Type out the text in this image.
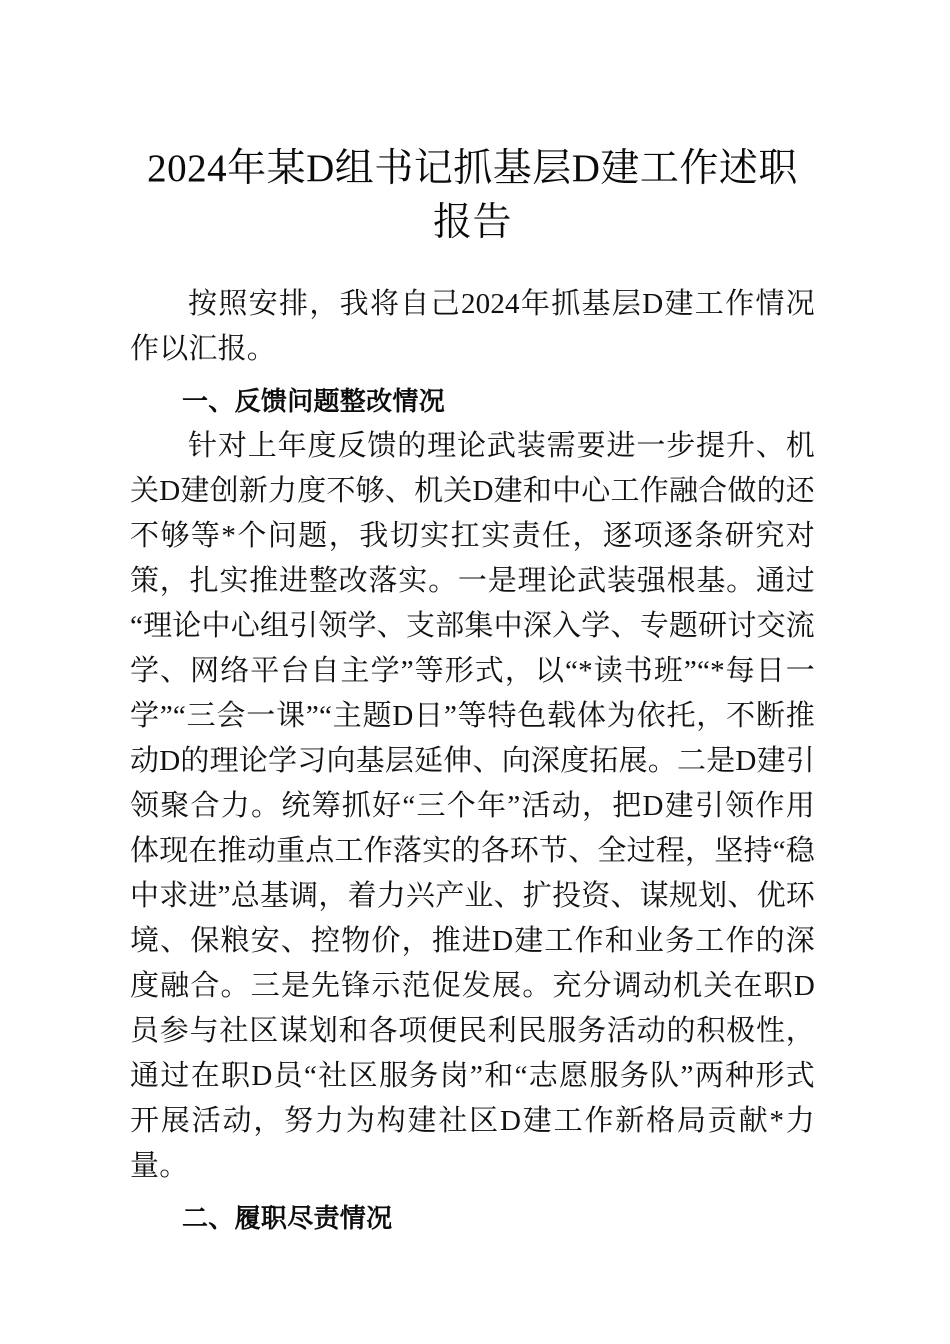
2024年某D组书记抓基层D建工作述职报告

按照安排，我将自己2024年抓基层D建工作情况作以汇报。

一、反馈问题整改情况

针对上年度反馈的理论武装需要进一步提升、机关D建创新力度不够、机关D建和中心工作融合做的还不够等*个问题，我切实扛实责任，逐项逐条研究对策，扎实推进整改落实。一是理论武装强根基。通过“理论中心组引领学、支部集中深入学、专题研讨交流学、网络平台自主学”等形式，以“*读书班”“*每日一学”“三会一课”“主题D日”等特色载体为依托，不断推动D的理论学习向基层延伸、向深度拓展。二是D建引领聚合力。统筹抓好“三个年”活动，把D建引领作用体现在推动重点工作落实的各环节、全过程，坚持“稳中求进”总基调，着力兴产业、扩投资、谋规划、优环境、保粮安、控物价，推进D建工作和业务工作的深度融合。三是先锋示范促发展。充分调动机关在职D员参与社区谋划和各项便民利民服务活动的积极性，通过在职D员“社区服务岗”和“志愿服务队”两种形式开展活动，努力为构建社区D建工作新格局贡献*力量。

二、履职尽责情况
